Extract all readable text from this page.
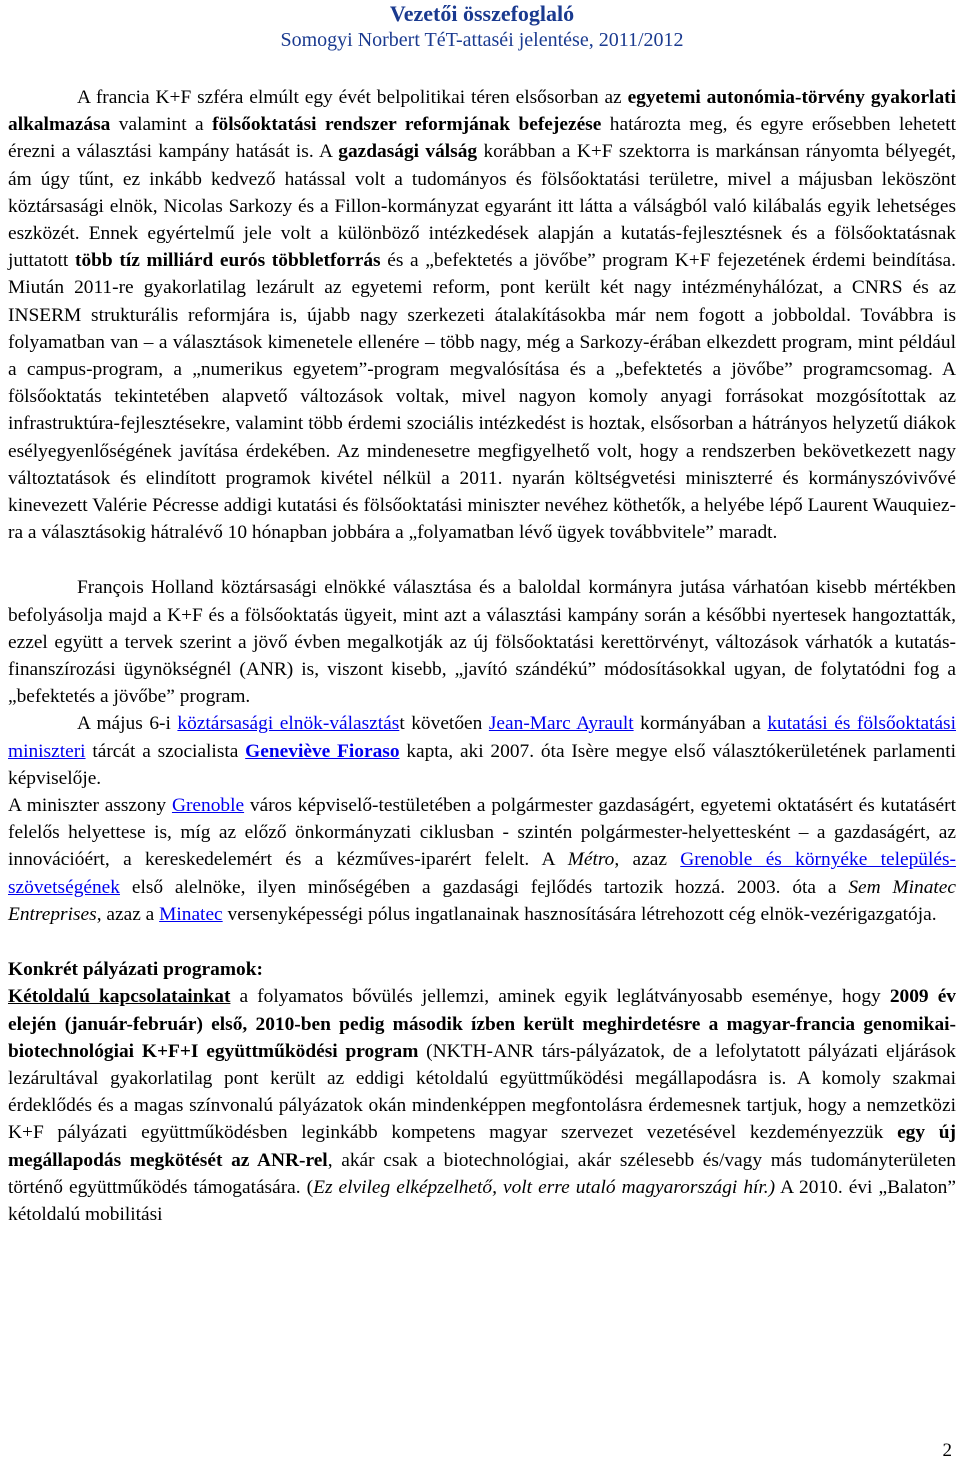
Vezetői összefoglaló
Somogyi Norbert TéT-attaséi jelentése, 2011/2012

A francia K+F szféra elmúlt egy évét belpolitikai téren elsősorban az egyetemi autonómia-törvény gyakorlati alkalmazása valamint a fölsőoktatási rendszer reformjának befejezése határozta meg, és egyre erősebben lehetett érezni a választási kampány hatását is. A gazdasági válság korábban a K+F szektorra is markánsan rányomta bélyegét, ám úgy tűnt, ez inkább kedvező hatással volt a tudományos és fölsőoktatási területre, mivel a májusban leköszönt köztársasági elnök, Nicolas Sarkozy és a Fillon-kormányzat egyaránt itt látta a válságból való kilábalás egyik lehetséges eszközét. Ennek egyértelmű jele volt a különböző intézkedések alapján a kutatás-fejlesztésnek és a fölsőoktatásnak juttatott több tíz milliárd eurós többletforrás és a „befektetés a jövőbe” program K+F fejezetének érdemi beindítása. Miután 2011-re gyakorlatilag lezárult az egyetemi reform, pont került két nagy intézményhálózat, a CNRS és az INSERM strukturális reformjára is, újabb nagy szerkezeti átalakításokba már nem fogott a jobboldal. Továbbra is folyamatban van – a választások kimenetele ellenére – több nagy, még a Sarkozy-érában elkezdett program, mint például a campus-program, a „numerikus egyetem”-program megvalósítása és a „befektetés a jövőbe” programcsomag. A fölsőoktatás tekintetében alapvető változások voltak, mivel nagyon komoly anyagi forrásokat mozgósítottak az infrastruktúra-fejlesztésekre, valamint több érdemi szociális intézkedést is hoztak, elsősorban a hátrányos helyzetű diákok esélyegyenlőségének javítása érdekében. Az mindenesetre megfigyelhető volt, hogy a rendszerben bekövetkezett nagy változtatások és elindított programok kivétel nélkül a 2011. nyarán költségvetési miniszterré és kormányszóvivővé kinevezett Valérie Pécresse addigi kutatási és fölsőoktatási miniszter nevéhez köthetők, a helyébe lépő Laurent Wauquiez-ra a választásokig hátralévő 10 hónapban jobbára a „folyamatban lévő ügyek továbbvitele” maradt.

François Holland köztársasági elnökké választása és a baloldal kormányra jutása várhatóan kisebb mértékben befolyásolja majd a K+F és a fölsőoktatás ügyeit, mint azt a választási kampány során a későbbi nyertesek hangoztatták, ezzel együtt a tervek szerint a jövő évben megalkotják az új fölsőoktatási kerettörvényt, változások várhatók a kutatás-finanszírozási ügynökségnél (ANR) is, viszont kisebb, „javító szándékú” módosításokkal ugyan, de folytatódni fog a „befektetés a jövőbe” program.

A május 6-i köztársasági elnök-választást követően Jean-Marc Ayrault kormányában a kutatási és fölsőoktatási miniszteri tárcát a szocialista Geneviève Fioraso kapta, aki 2007. óta Isère megye első választókerületének parlamenti képviselője.

A miniszter asszony Grenoble város képviselő-testületében a polgármester gazdaságért, egyetemi oktatásért és kutatásért felelős helyettese is, míg az előző önkormányzati ciklusban - szintén polgármester-helyettesként – a gazdaságért, az innovációért, a kereskedelemért és a kézműves-iparért felelt. A Métro, azaz Grenoble és környéke település-szövetségének első alelnöke, ilyen minőségében a gazdasági fejlődés tartozik hozzá. 2003. óta a Sem Minatec Entreprises, azaz a Minatec versenyképességi pólus ingatlanainak hasznosítására létrehozott cég elnök-vezérigazgatója.

Konkrét pályázati programok:

Kétoldalú kapcsolatainkat a folyamatos bővülés jellemzi, aminek egyik leglátványosabb eseménye, hogy 2009 év elején (január-február) első, 2010-ben pedig második ízben került meghirdetésre a magyar-francia genomikai-biotechnológiai K+F+I együttműködési program (NKTH-ANR társ-pályázatok, de a lefolytatott pályázati eljárások lezárultával gyakorlatilag pont került az eddigi kétoldalú együttműködési megállapodásra is. A komoly szakmai érdeklődés és a magas színvonalú pályázatok okán mindenképpen megfontolásra érdemesnek tartjuk, hogy a nemzetközi K+F pályázati együttműködésben leginkább kompetens magyar szervezet vezetésével kezdeményezzük egy új megállapodás megkötését az ANR-rel, akár csak a biotechnológiai, akár szélesebb és/vagy más tudományterületen történő együttműködés támogatására. (Ez elvileg elképzelhető, volt erre utaló magyarországi hír.) A 2010. évi „Balaton” kétoldalú mobilitási

2
